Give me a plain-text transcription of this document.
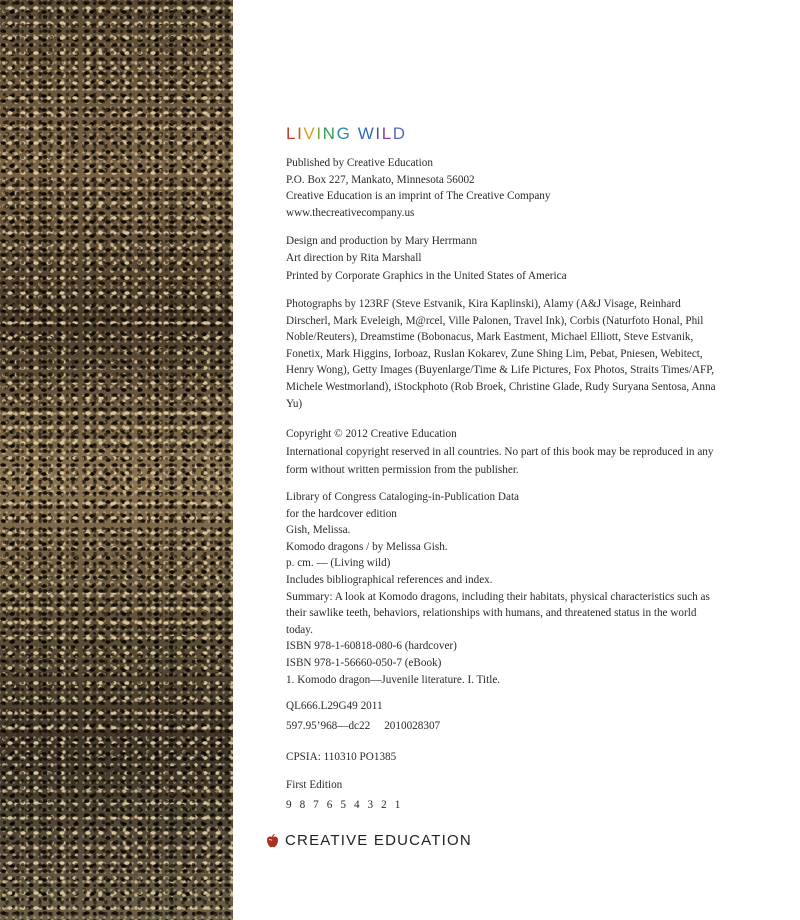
LIVING WILD

Published by Creative Education

P.O. Box 227, Mankato, Minnesota 56002

Creative Education is an imprint of The Creative Company

www.thecreativecompany.us

Design and production by Mary Herrmann

Art direction by Rita Marshall

Printed by Corporate Graphics in the United States of America

Photographs by 123RF (Steve Estvanik, Kira Kaplinski), Alamy (A&J Visage, Reinhard Dirscherl, Mark Eveleigh, M@rcel, Ville Palonen, Travel Ink), Corbis (Naturfoto Honal, Phil Noble/Reuters), Dreamstime (Bobonacus, Mark Eastment, Michael Elliott, Steve Estvanik, Fonetix, Mark Higgins, Iorboaz, Ruslan Kokarev, Zune Shing Lim, Pebat, Pniesen, Webitect, Henry Wong), Getty Images (Buyenlarge/Time & Life Pictures, Fox Photos, Straits Times/AFP, Michele Westmorland), iStockphoto (Rob Broek, Christine Glade, Rudy Suryana Sentosa, Anna Yu)

Copyright © 2012 Creative Education

International copyright reserved in all countries. No part of this book may be reproduced in any form without written permission from the publisher.

Library of Congress Cataloging-in-Publication Data

for the hardcover edition

Gish, Melissa.

Komodo dragons / by Melissa Gish.

p. cm. — (Living wild)

Includes bibliographical references and index.

Summary: A look at Komodo dragons, including their habitats, physical characteristics such as their sawlike teeth, behaviors, relationships with humans, and threatened status in the world today.

ISBN 978-1-60818-080-6 (hardcover)

ISBN 978-1-56660-050-7 (eBook)

1. Komodo dragon—Juvenile literature. I. Title.

QL666.L29G49 2011

597.95’968—dc22     2010028307

CPSIA: 110310 PO1385

First Edition

9 8 7 6 5 4 3 2 1

CREATIVE EDUCATION
